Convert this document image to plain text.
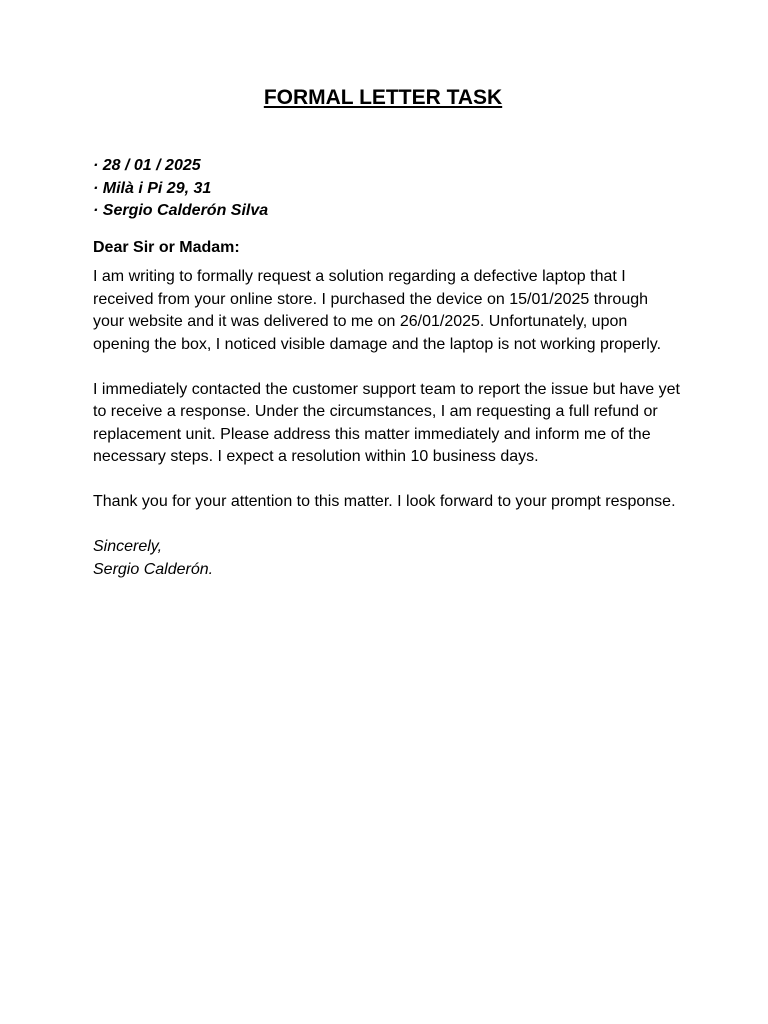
FORMAL LETTER TASK
· 28 / 01 / 2025
· Milà i Pi 29, 31
· Sergio Calderón Silva

Dear Sir or Madam:

I am writing to formally request a solution regarding a defective laptop that I received from your online store. I purchased the device on 15/01/2025 through your website and it was delivered to me on 26/01/2025. Unfortunately, upon opening the box, I noticed visible damage and the laptop is not working properly.

I immediately contacted the customer support team to report the issue but have yet to receive a response. Under the circumstances, I am requesting a full refund or replacement unit. Please address this matter immediately and inform me of the necessary steps. I expect a resolution within 10 business days.

Thank you for your attention to this matter. I look forward to your prompt response.

Sincerely,
Sergio Calderón.
